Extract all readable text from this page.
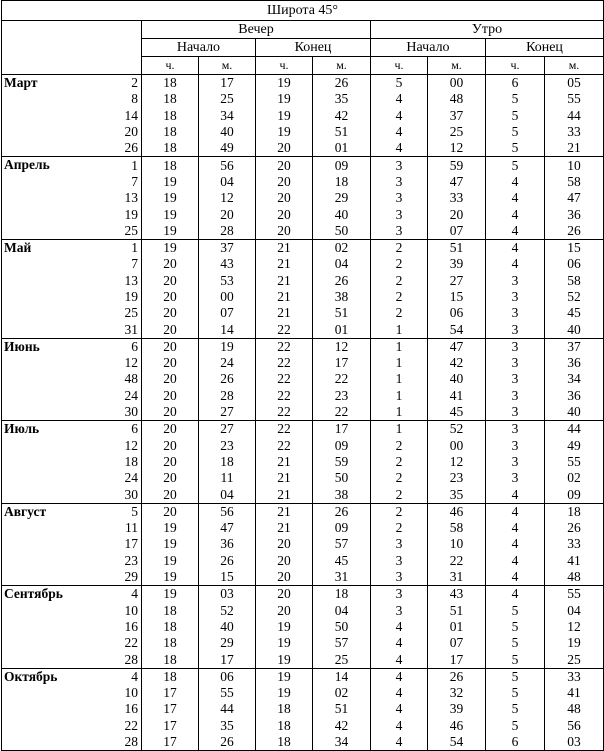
Широта 45°									
		Вечер				Утро			
		Начало		Конец		Начало		Конец	
		ч.	м.	ч.	м.	ч.	м.	ч.	м.
Март	2	18	17	19	26	5	00	6	05
	8	18	25	19	35	4	48	5	55
	14	18	34	19	42	4	37	5	44
	20	18	40	19	51	4	25	5	33
	26	18	49	20	01	4	12	5	21
Апрель	1	18	56	20	09	3	59	5	10
	7	19	04	20	18	3	47	4	58
	13	19	12	20	29	3	33	4	47
	19	19	20	20	40	3	20	4	36
	25	19	28	20	50	3	07	4	26
Май	1	19	37	21	02	2	51	4	15
	7	20	43	21	04	2	39	4	06
	13	20	53	21	26	2	27	3	58
	19	20	00	21	38	2	15	3	52
	25	20	07	21	51	2	06	3	45
	31	20	14	22	01	1	54	3	40
Июнь	6	20	19	22	12	1	47	3	37
	12	20	24	22	17	1	42	3	36
	48	20	26	22	22	1	40	3	34
	24	20	28	22	23	1	41	3	36
	30	20	27	22	22	1	45	3	40
Июль	6	20	27	22	17	1	52	3	44
	12	20	23	22	09	2	00	3	49
	18	20	18	21	59	2	12	3	55
	24	20	11	21	50	2	23	3	02
	30	20	04	21	38	2	35	4	09
Август	5	20	56	21	26	2	46	4	18
	11	19	47	21	09	2	58	4	26
	17	19	36	20	57	3	10	4	33
	23	19	26	20	45	3	22	4	41
	29	19	15	20	31	3	31	4	48
Сентябрь	4	19	03	20	18	3	43	4	55
	10	18	52	20	04	3	51	5	04
	16	18	40	19	50	4	01	5	12
	22	18	29	19	57	4	07	5	19
	28	18	17	19	25	4	17	5	25
Октябрь	4	18	06	19	14	4	26	5	33
	10	17	55	19	02	4	32	5	41
	16	17	44	18	51	4	39	5	48
	22	17	35	18	42	4	46	5	56
	28	17	26	18	34	4	54	6	03
